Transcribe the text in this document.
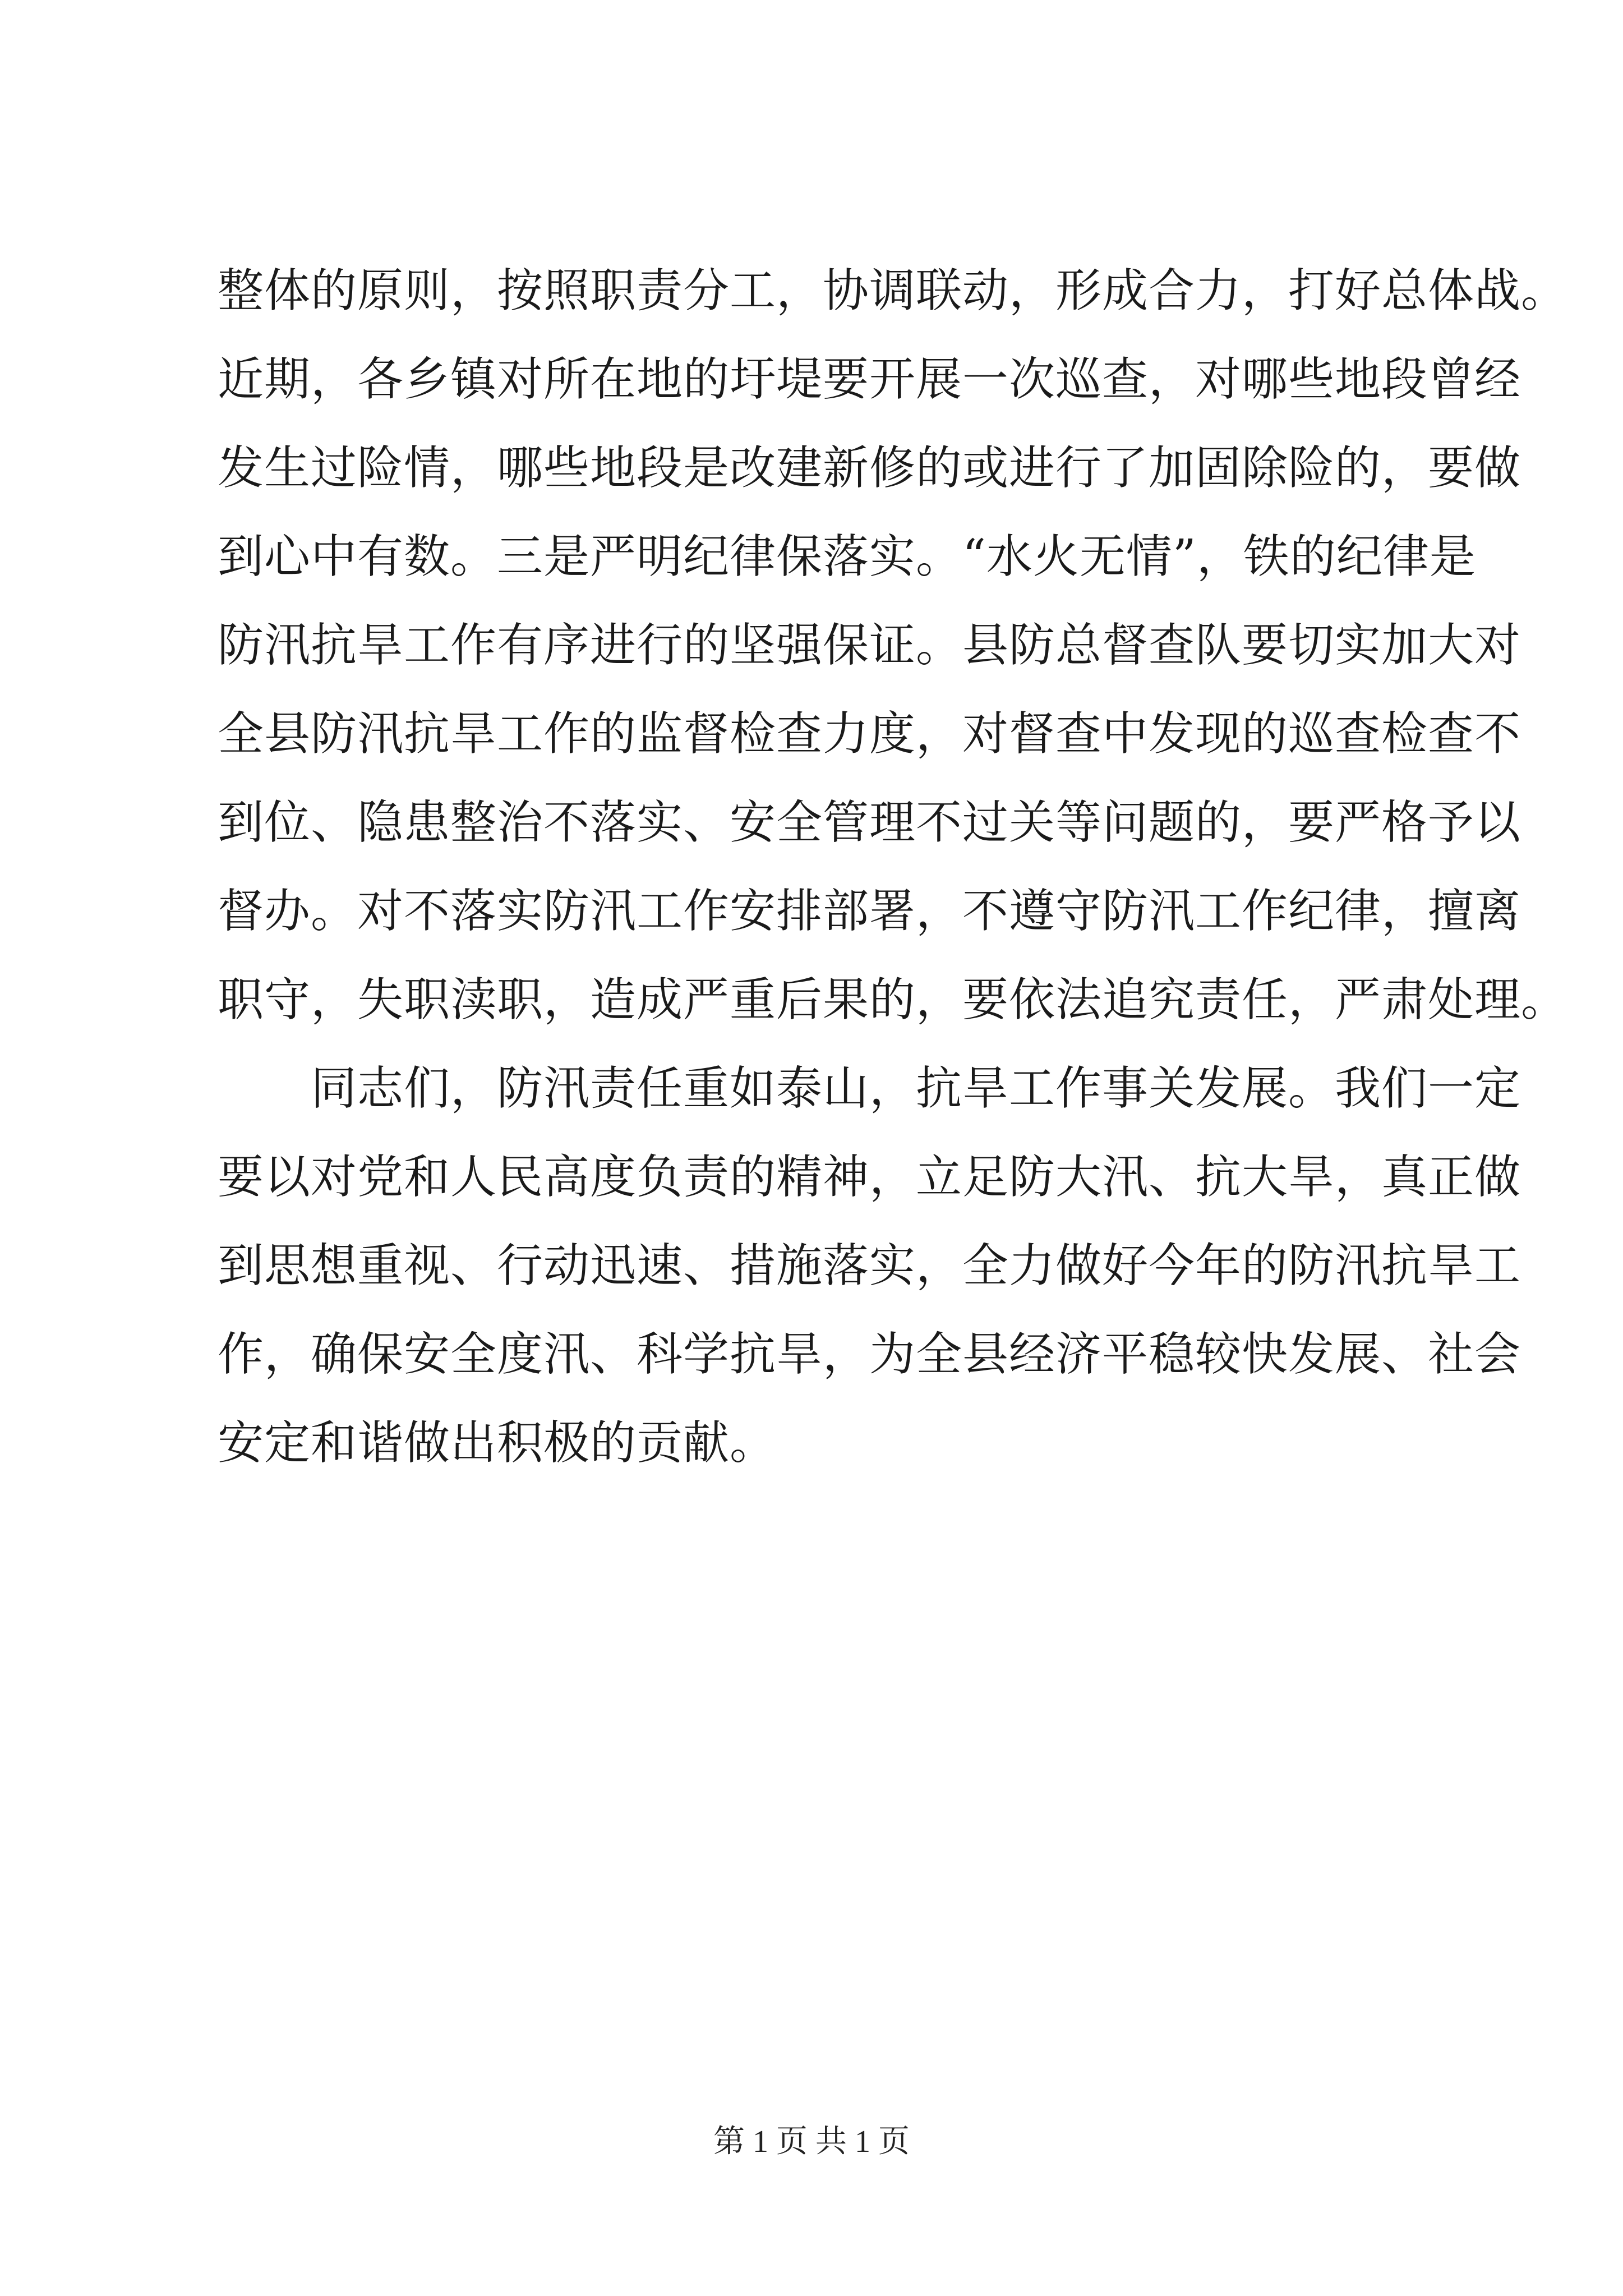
整体的原则，按照职责分工，协调联动，形成合力，打好总体战。
近期，各乡镇对所在地的圩堤要开展一次巡查，对哪些地段曾经
发生过险情，哪些地段是改建新修的或进行了加固除险的，要做
到心中有数。三是严明纪律保落实。“水火无情”，铁的纪律是
防汛抗旱工作有序进行的坚强保证。县防总督查队要切实加大对
全县防汛抗旱工作的监督检查力度，对督查中发现的巡查检查不
到位、隐患整治不落实、安全管理不过关等问题的，要严格予以
督办。对不落实防汛工作安排部署，不遵守防汛工作纪律，擅离
职守，失职渎职，造成严重后果的，要依法追究责任，严肃处理。
　　同志们，防汛责任重如泰山，抗旱工作事关发展。我们一定
要以对党和人民高度负责的精神，立足防大汛、抗大旱，真正做
到思想重视、行动迅速、措施落实，全力做好今年的防汛抗旱工
作，确保安全度汛、科学抗旱，为全县经济平稳较快发展、社会
安定和谐做出积极的贡献。
第 1 页 共 1 页
